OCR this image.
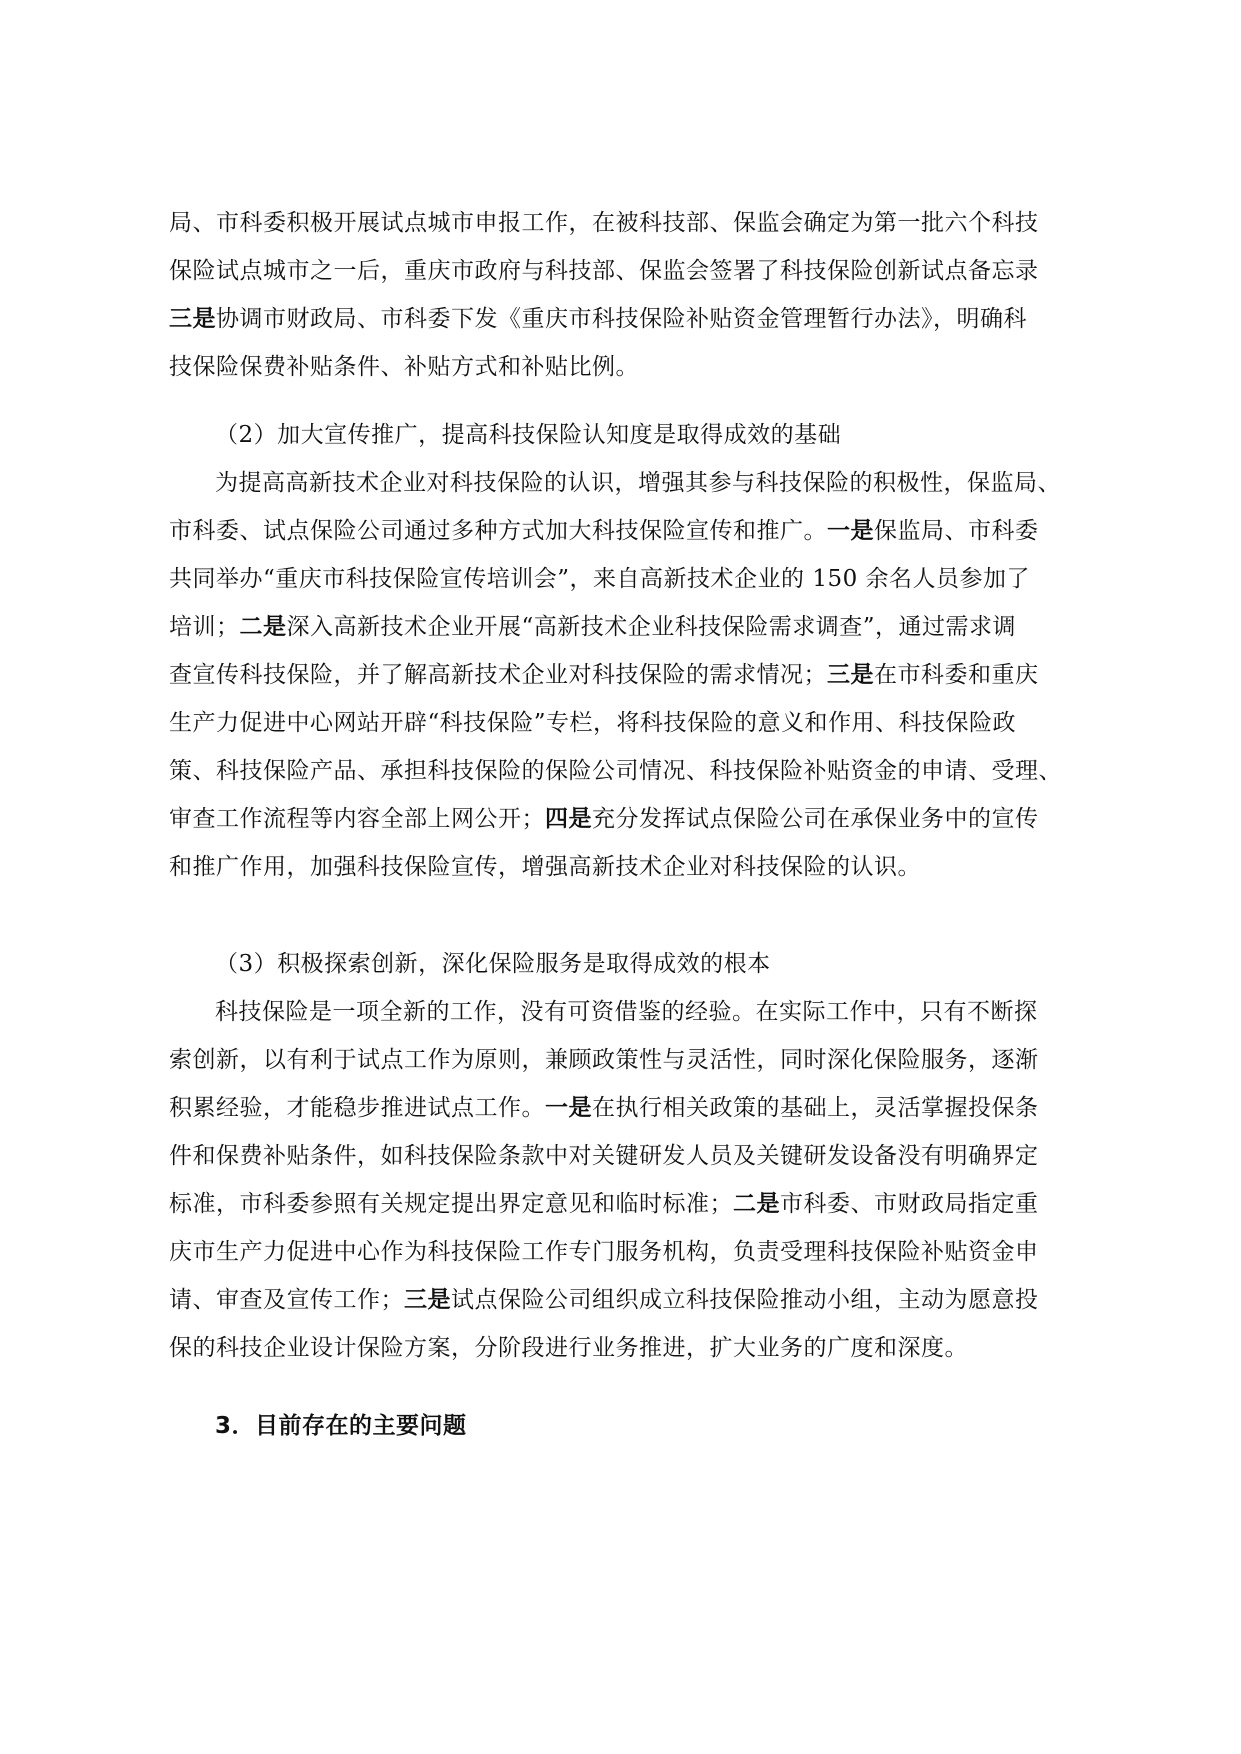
局、市科委积极开展试点城市申报工作，在被科技部、保监会确定为第一批六个科技
保险试点城市之一后，重庆市政府与科技部、保监会签署了科技保险创新试点备忘录
三是协调市财政局、市科委下发《重庆市科技保险补贴资金管理暂行办法》，明确科
技保险保费补贴条件、补贴方式和补贴比例。
（2）加大宣传推广，提高科技保险认知度是取得成效的基础
为提高高新技术企业对科技保险的认识，增强其参与科技保险的积极性，保监局、
市科委、试点保险公司通过多种方式加大科技保险宣传和推广。一是保监局、市科委
共同举办“重庆市科技保险宣传培训会”，来自高新技术企业的 150 余名人员参加了
培训；二是深入高新技术企业开展“高新技术企业科技保险需求调查”，通过需求调
查宣传科技保险，并了解高新技术企业对科技保险的需求情况；三是在市科委和重庆
生产力促进中心网站开辟“科技保险”专栏，将科技保险的意义和作用、科技保险政
策、科技保险产品、承担科技保险的保险公司情况、科技保险补贴资金的申请、受理、
审查工作流程等内容全部上网公开；四是充分发挥试点保险公司在承保业务中的宣传
和推广作用，加强科技保险宣传，增强高新技术企业对科技保险的认识。
（3）积极探索创新，深化保险服务是取得成效的根本
科技保险是一项全新的工作，没有可资借鉴的经验。在实际工作中，只有不断探
索创新，以有利于试点工作为原则，兼顾政策性与灵活性，同时深化保险服务，逐渐
积累经验，才能稳步推进试点工作。一是在执行相关政策的基础上，灵活掌握投保条
件和保费补贴条件，如科技保险条款中对关键研发人员及关键研发设备没有明确界定
标准，市科委参照有关规定提出界定意见和临时标准；二是市科委、市财政局指定重
庆市生产力促进中心作为科技保险工作专门服务机构，负责受理科技保险补贴资金申
请、审查及宣传工作；三是试点保险公司组织成立科技保险推动小组，主动为愿意投
保的科技企业设计保险方案，分阶段进行业务推进，扩大业务的广度和深度。
3．目前存在的主要问题
